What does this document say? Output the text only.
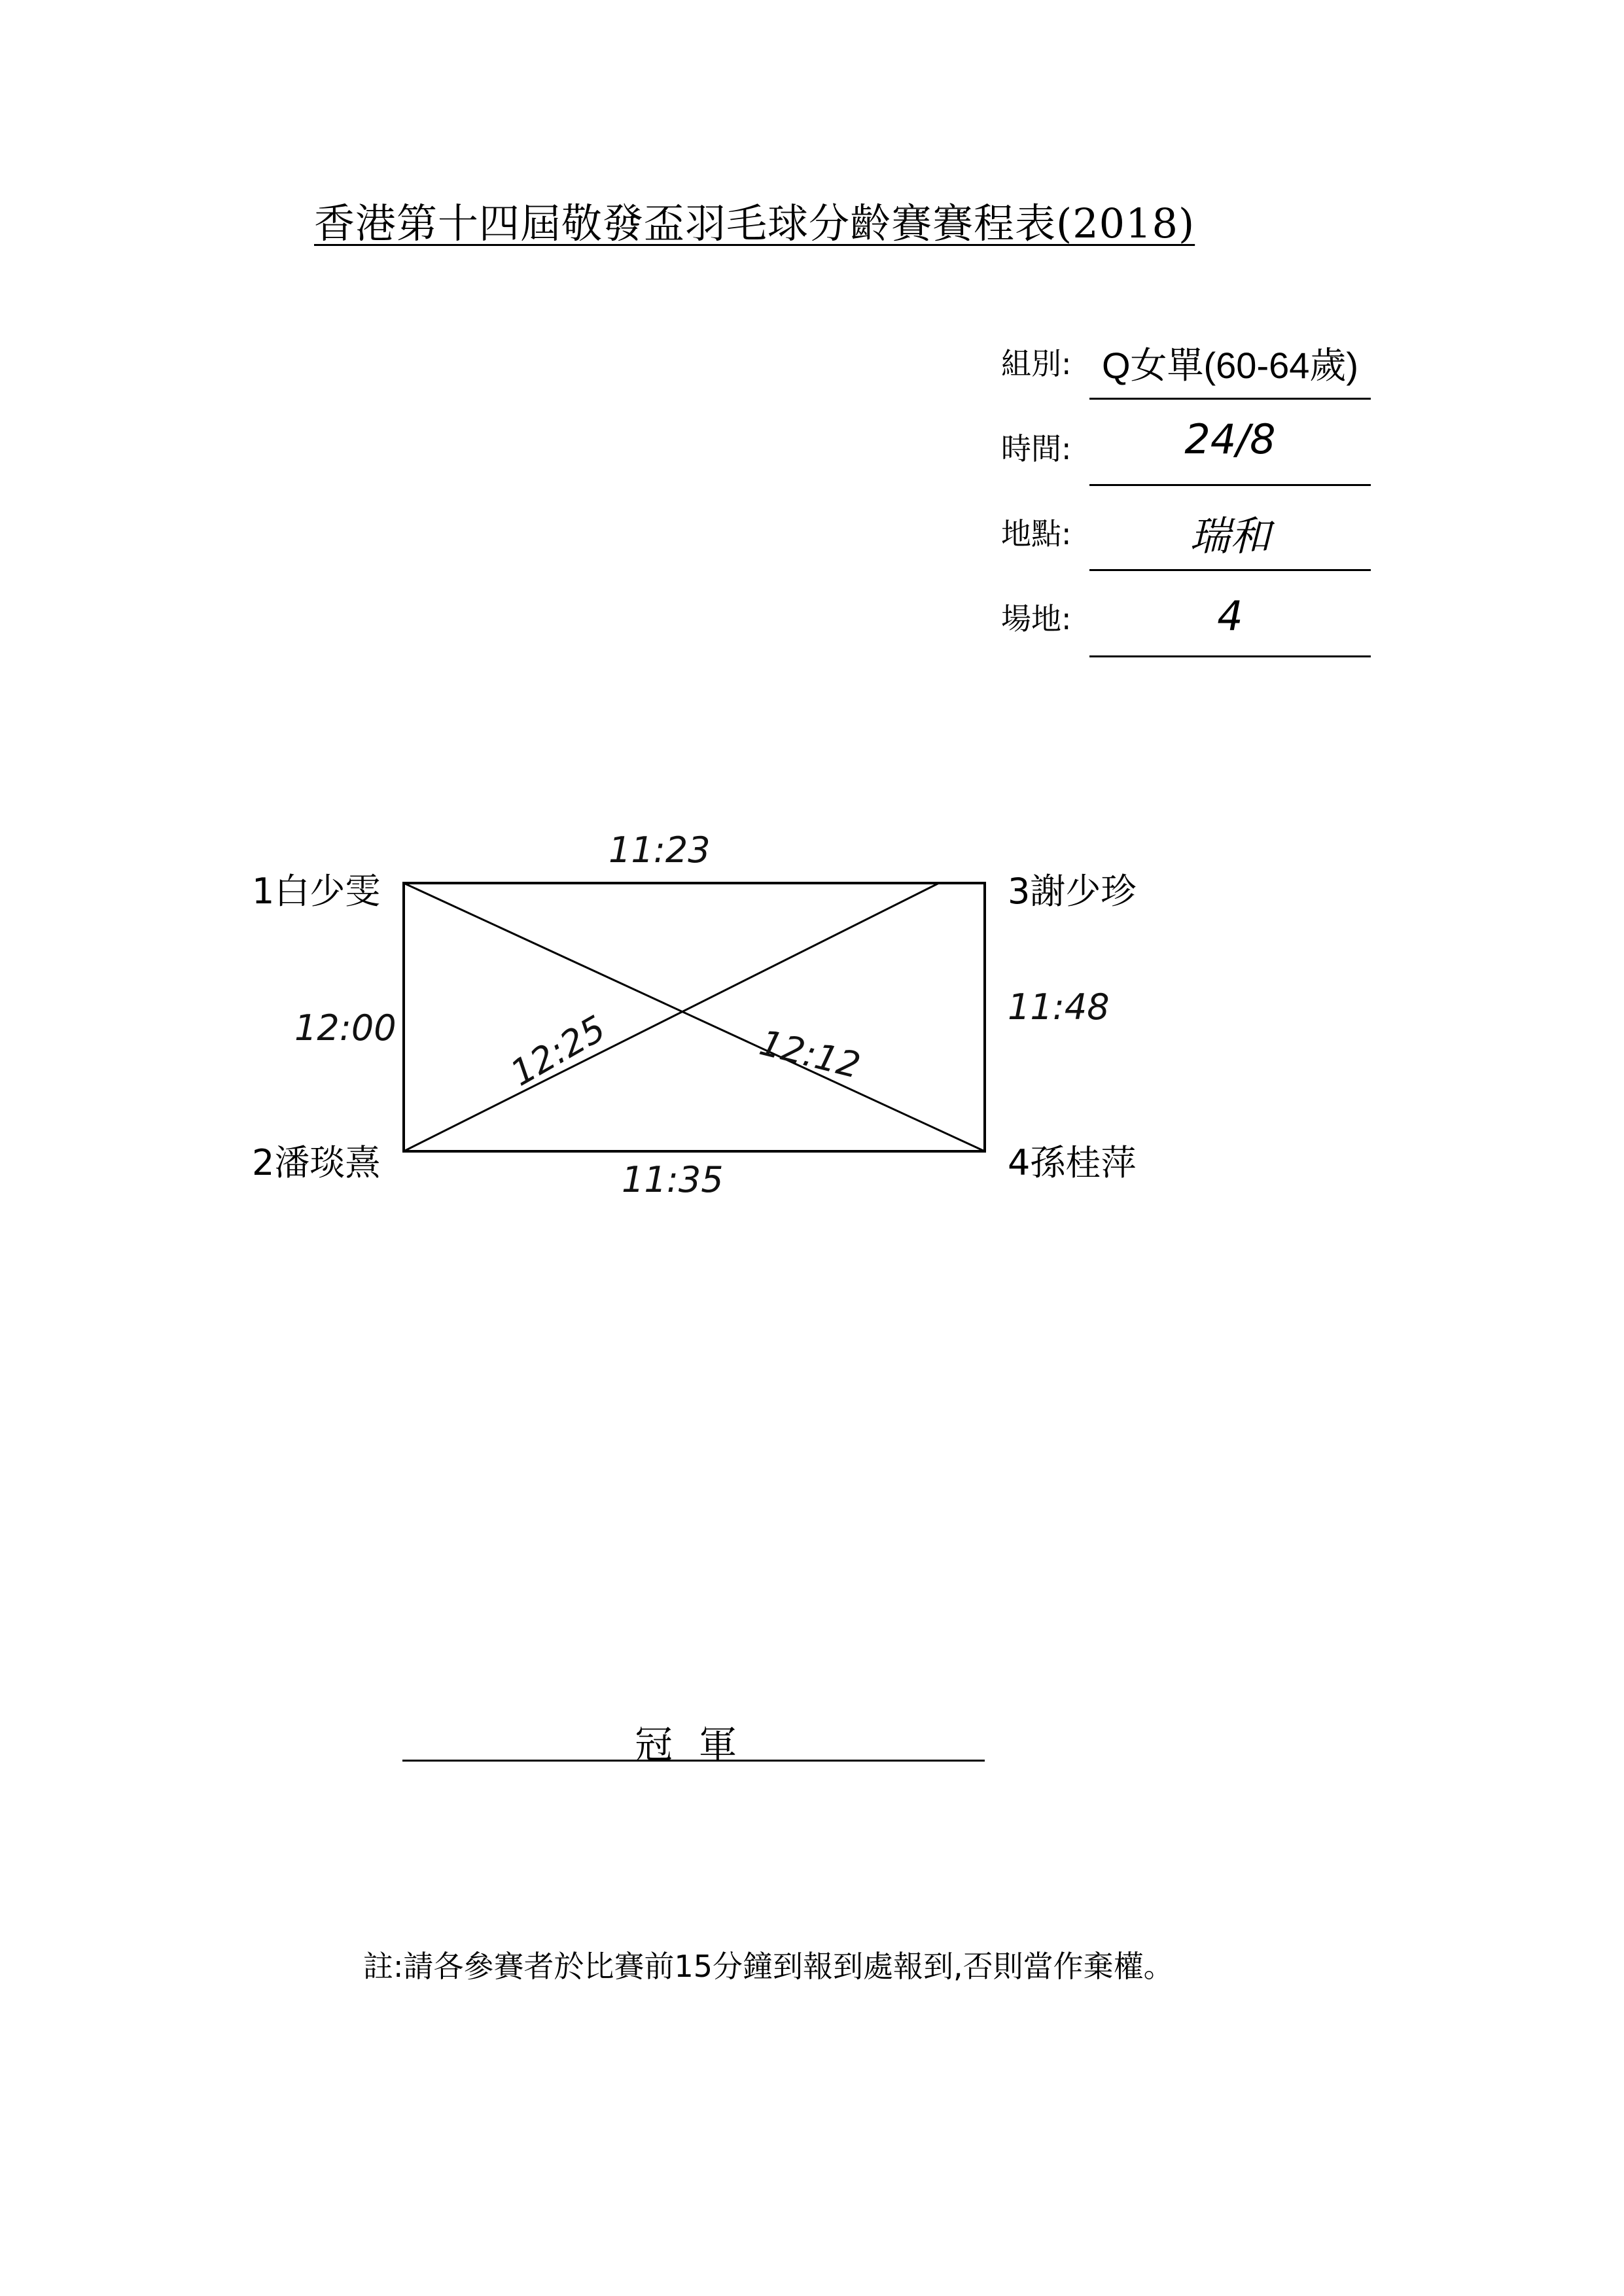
香港第十四屆敬發盃羽毛球分齡賽賽程表(2018)
組別: Q女單(60-64歲)
時間:	24/8
地點:	瑞和
場地:	4
1白少雯
2潘琰熹
3謝少珍
4孫桂萍
11:23
12:00
11:48
11:35
12:12
12:25
冠軍
註:請各參賽者於比賽前15分鐘到報到處報到,否則當作棄權。
